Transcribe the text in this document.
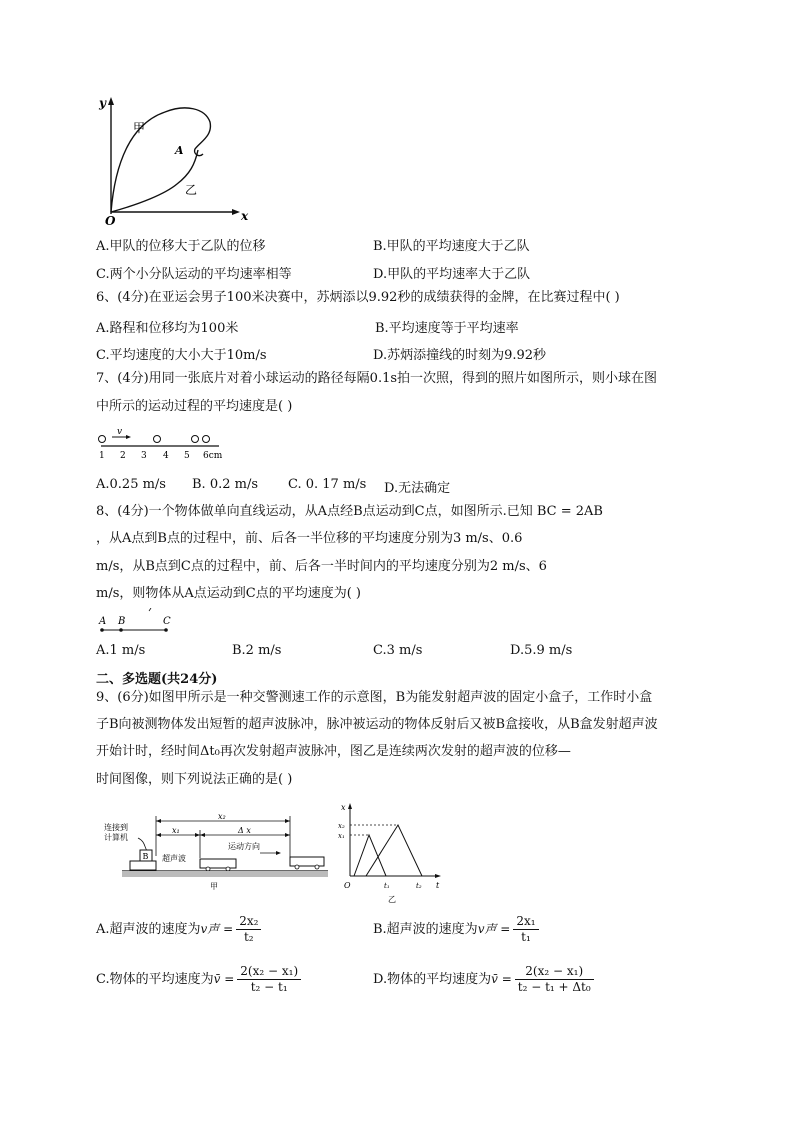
y
x
O
甲
A
乙
A.甲队的位移大于乙队的位移	B.甲队的平均速度大于乙队
C.两个小分队运动的平均速率相等	D.甲队的平均速率大于乙队
6、(4分)在亚运会男子100米决赛中，苏炳添以9.92秒的成绩获得的金牌，在比赛过程中( )
A.路程和位移均为100米	B.平均速度等于平均速率
C.平均速度的大小大于10m/s	D.苏炳添撞线的时刻为9.92秒
7、(4分)用同一张底片对着小球运动的路径每隔0.1s拍一次照，得到的照片如图所示，则小球在图
中所示的运动过程的平均速度是( )
v
1 2 3 4 5 6cm
A.0.25 m/s B. 0.2 m/s C. 0. 17 m/s D.无法确定
8、(4分)一个物体做单向直线运动，从A点经B点运动到C点，如图所示.已知 BC = 2AB
，从A点到B点的过程中，前、后各一半位移的平均速度分别为3 m/s、0.6
m/s，从B点到C点的过程中，前、后各一半时间内的平均速度分别为2 m/s、6
m/s，则物体从A点运动到C点的平均速度为( )
A B	C
A.1 m/s	B.2 m/s	C.3 m/s	D.5.9 m/s
二、多选题(共24分)
9、(6分)如图甲所示是一种交警测速工作的示意图，B为能发射超声波的固定小盒子，工作时小盒
子B向被测物体发出短暂的超声波脉冲，脉冲被运动的物体反射后又被B盒接收，从B盒发射超声波
开始计时，经时间Δt₀再次发射超声波脉冲，图乙是连续两次发射的超声波的位移—
时间图像，则下列说法正确的是( )
x₂
x₁	Δ x
运动方向
连接到
计算机
B 超声波
甲
x
x₂
x₁
O	t₁	t₂ t
乙
A.超声波的速度为v声 = $\frac{\text{2x₂}}{\text{t₂}}$	B.超声波的速度为v声 = $\frac{\text{2x₁}}{\text{t₁}}$
C.物体的平均速度为v̄ = $\frac{\text{2(x₂ − x₁)}}{\text{t₂ − t₁}}$	D.物体的平均速度为v̄ = $\frac{\text{2(x₂ − x₁)}}{\text{t₂ − t₁ + Δt₀}}$
